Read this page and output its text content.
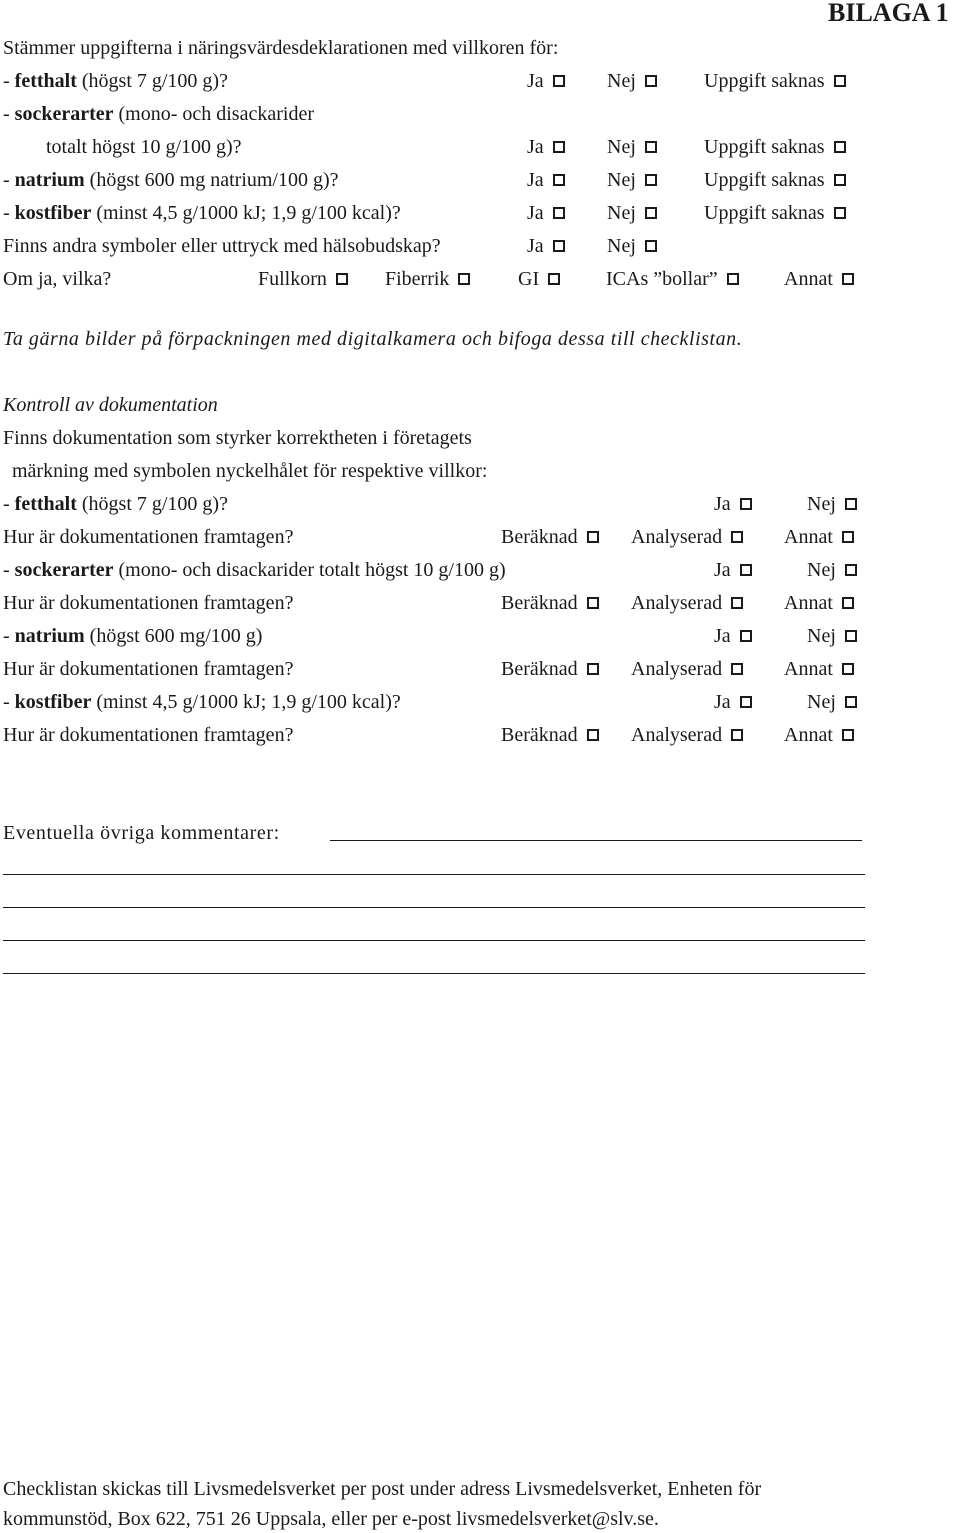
BILAGA 1
Stämmer uppgifterna i näringsvärdesdeklarationen med villkoren för:
- fetthalt (högst 7 g/100 g)?	Ja	Nej	Uppgift saknas
- sockerarter (mono- och disackarider
totalt högst 10 g/100 g)?	Ja	Nej	Uppgift saknas
- natrium (högst 600 mg natrium/100 g)?	Ja	Nej	Uppgift saknas
- kostfiber (minst 4,5 g/1000 kJ; 1,9 g/100 kcal)?	Ja	Nej	Uppgift saknas
Finns andra symboler eller uttryck med hälsobudskap?	Ja	Nej
Om ja, vilka?	Fullkorn	Fiberrik	GI	ICAs ”bollar”	Annat
Ta gärna bilder på förpackningen med digitalkamera och bifoga dessa till checklistan.
Kontroll av dokumentation
Finns dokumentation som styrker korrektheten i företagets
märkning med symbolen nyckelhålet för respektive villkor:
- fetthalt (högst 7 g/100 g)?	Ja	Nej
Hur är dokumentationen framtagen?	Beräknad	Analyserad	Annat
- sockerarter (mono- och disackarider totalt högst 10 g/100 g)	Ja	Nej
Hur är dokumentationen framtagen?	Beräknad	Analyserad	Annat
- natrium (högst 600 mg/100 g)	Ja	Nej
Hur är dokumentationen framtagen?	Beräknad	Analyserad	Annat
- kostfiber (minst 4,5 g/1000 kJ; 1,9 g/100 kcal)?	Ja	Nej
Hur är dokumentationen framtagen?	Beräknad	Analyserad	Annat
Eventuella övriga kommentarer:
Checklistan skickas till Livsmedelsverket per post under adress Livsmedelsverket, Enheten för
kommunstöd, Box 622, 751 26 Uppsala, eller per e-post livsmedelsverket@slv.se.
